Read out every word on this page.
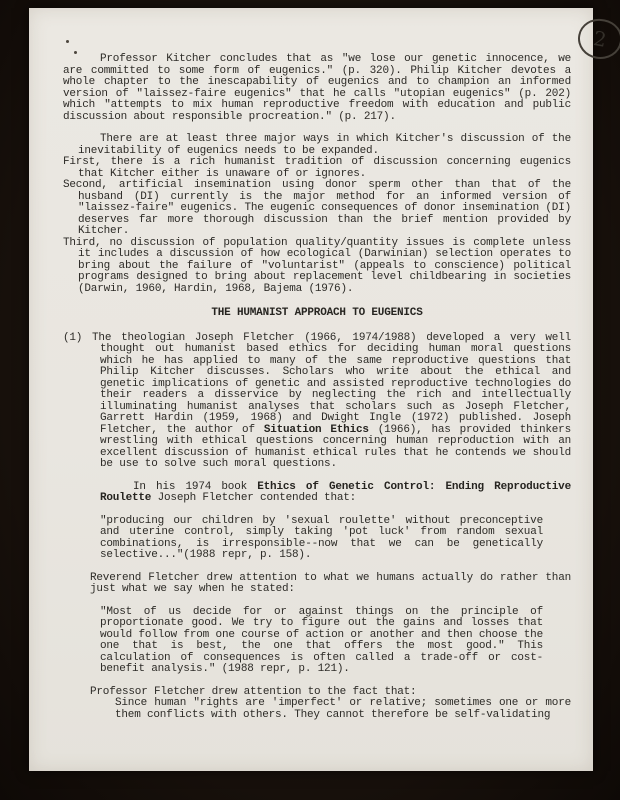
2

Professor Kitcher concludes that as "we lose our genetic innocence, we are committed to some form of eugenics." (p. 320). Philip Kitcher devotes a whole chapter to the inescapability of eugenics and to champion an informed version of "laissez-faire eugenics" that he calls "utopian eugenics" (p. 202) which "attempts to mix human reproductive freedom with education and public discussion about responsible procreation." (p. 217).

There are at least three major ways in which Kitcher's discussion of the inevitability of eugenics needs to be expanded.

First, there is a rich humanist tradition of discussion concerning eugenics that Kitcher either is unaware of or ignores.

Second, artificial insemination using donor sperm other than that of the husband (DI) currently is the major method for an informed version of "laissez-faire" eugenics. The eugenic consequences of donor insemination (DI) deserves far more thorough discussion than the brief mention provided by Kitcher.

Third, no discussion of population quality/quantity issues is complete unless it includes a discussion of how ecological (Darwinian) selection operates to bring about the failure of "voluntarist" (appeals to conscience) political programs designed to bring about replacement level childbearing in societies (Darwin, 1960, Hardin, 1968, Bajema (1976).

THE HUMANIST APPROACH TO EUGENICS

(1) The theologian Joseph Fletcher (1966, 1974/1988) developed a very well thought out humanist based ethics for deciding human moral questions which he has applied to many of the same reproductive questions that Philip Kitcher discusses. Scholars who write about the ethical and genetic implications of genetic and assisted reproductive technologies do their readers a disservice by neglecting the rich and intellectually illuminating humanist analyses that scholars such as Joseph Fletcher, Garrett Hardin (1959, 1968) and Dwight Ingle (1972) published. Joseph Fletcher, the author of Situation Ethics (1966), has provided thinkers wrestling with ethical questions concerning human reproduction with an excellent discussion of humanist ethical rules that he contends we should be use to solve such moral questions.

In his 1974 book Ethics of Genetic Control: Ending Reproductive Roulette Joseph Fletcher contended that:

"producing our children by 'sexual roulette' without preconceptive and uterine control, simply taking 'pot luck' from random sexual combinations, is irresponsible--now that we can be genetically selective..."(1988 repr, p. 158).

Reverend Fletcher drew attention to what we humans actually do rather than just what we say when he stated:

"Most of us decide for or against things on the principle of proportionate good. We try to figure out the gains and losses that would follow from one course of action or another and then choose the one that is best, the one that offers the most good." This calculation of consequences is often called a trade-off or cost-benefit analysis." (1988 repr, p. 121).

Professor Fletcher drew attention to the fact that:

Since human "rights are 'imperfect' or relative; sometimes one or more them conflicts with others. They cannot therefore be self-validating
